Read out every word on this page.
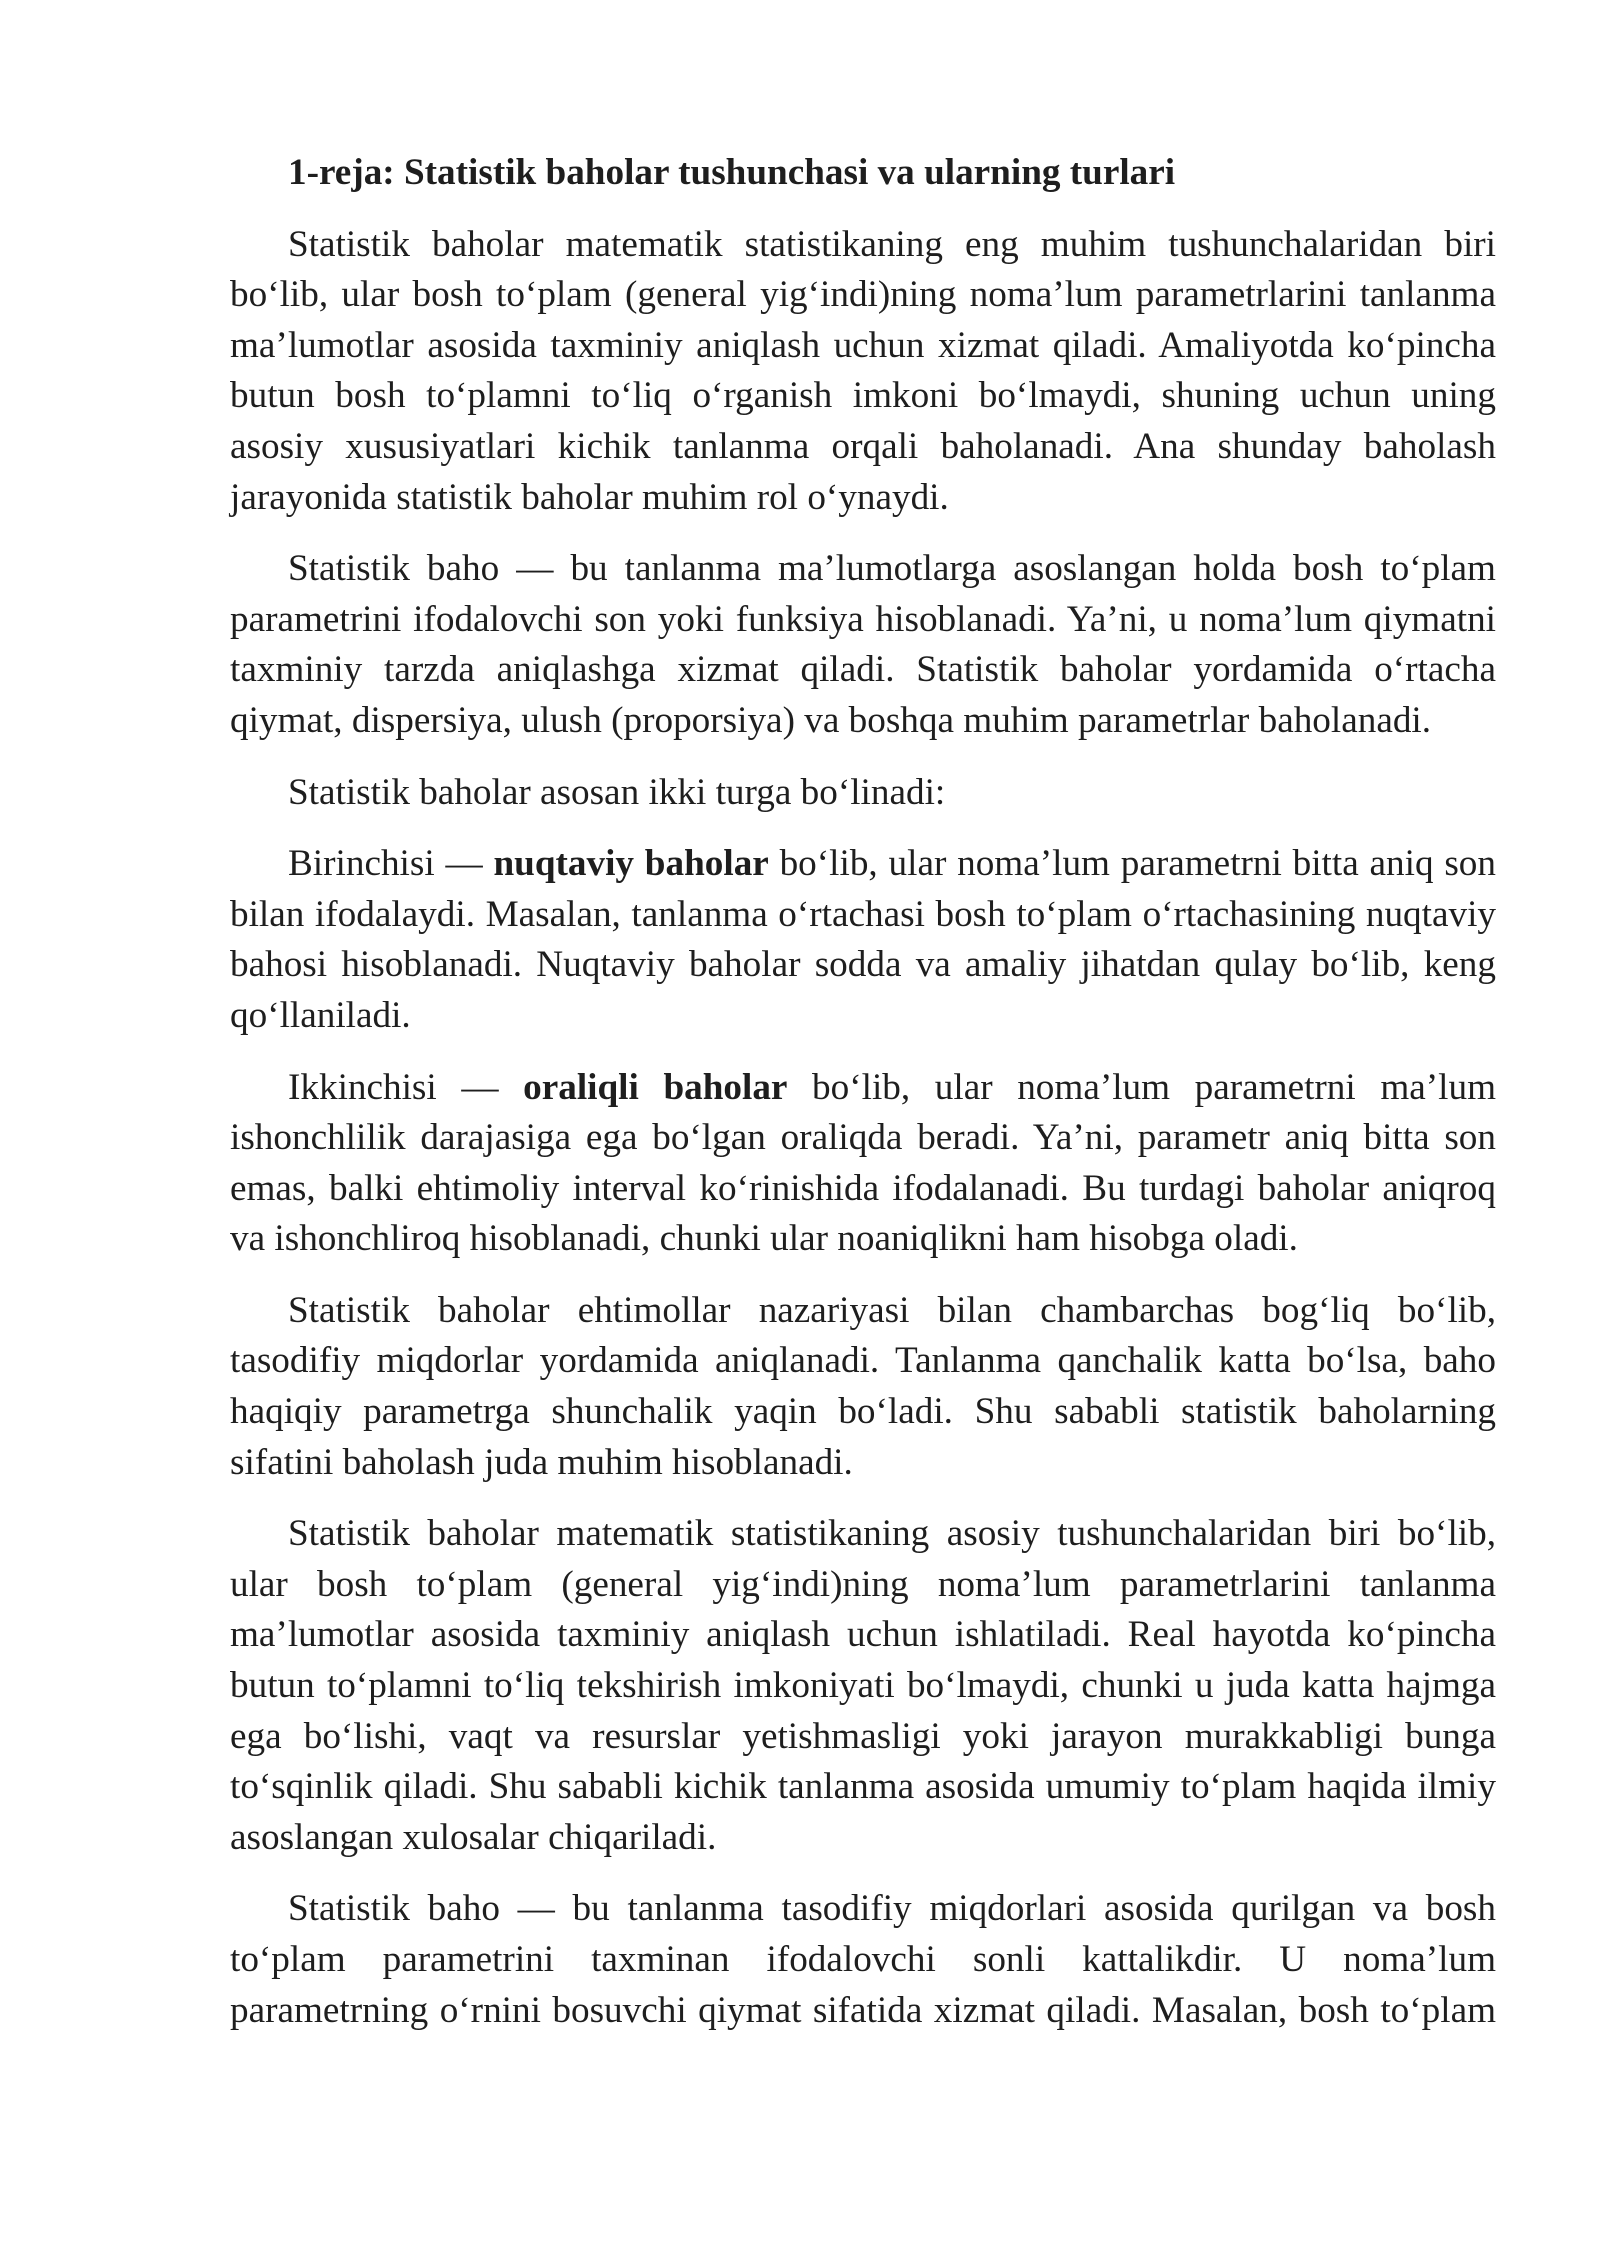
1-reja: Statistik baholar tushunchasi va ularning turlari
Statistik baholar matematik statistikaning eng muhim tushunchalaridan biri
bo‘lib, ular bosh to‘plam (general yig‘indi)ning noma’lum parametrlarini tanlanma
ma’lumotlar asosida taxminiy aniqlash uchun xizmat qiladi. Amaliyotda ko‘pincha
butun bosh to‘plamni to‘liq o‘rganish imkoni bo‘lmaydi, shuning uchun uning
asosiy xususiyatlari kichik tanlanma orqali baholanadi. Ana shunday baholash
jarayonida statistik baholar muhim rol o‘ynaydi.
Statistik baho — bu tanlanma ma’lumotlarga asoslangan holda bosh to‘plam
parametrini ifodalovchi son yoki funksiya hisoblanadi. Ya’ni, u noma’lum qiymatni
taxminiy tarzda aniqlashga xizmat qiladi. Statistik baholar yordamida o‘rtacha
qiymat, dispersiya, ulush (proporsiya) va boshqa muhim parametrlar baholanadi.
Statistik baholar asosan ikki turga bo‘linadi:
Birinchisi — nuqtaviy baholar bo‘lib, ular noma’lum parametrni bitta aniq son
bilan ifodalaydi. Masalan, tanlanma o‘rtachasi bosh to‘plam o‘rtachasining nuqtaviy
bahosi hisoblanadi. Nuqtaviy baholar sodda va amaliy jihatdan qulay bo‘lib, keng
qo‘llaniladi.
Ikkinchisi — oraliqli baholar bo‘lib, ular noma’lum parametrni ma’lum
ishonchlilik darajasiga ega bo‘lgan oraliqda beradi. Ya’ni, parametr aniq bitta son
emas, balki ehtimoliy interval ko‘rinishida ifodalanadi. Bu turdagi baholar aniqroq
va ishonchliroq hisoblanadi, chunki ular noaniqlikni ham hisobga oladi.
Statistik baholar ehtimollar nazariyasi bilan chambarchas bog‘liq bo‘lib,
tasodifiy miqdorlar yordamida aniqlanadi. Tanlanma qanchalik katta bo‘lsa, baho
haqiqiy parametrga shunchalik yaqin bo‘ladi. Shu sababli statistik baholarning
sifatini baholash juda muhim hisoblanadi.
Statistik baholar matematik statistikaning asosiy tushunchalaridan biri bo‘lib,
ular bosh to‘plam (general yig‘indi)ning noma’lum parametrlarini tanlanma
ma’lumotlar asosida taxminiy aniqlash uchun ishlatiladi. Real hayotda ko‘pincha
butun to‘plamni to‘liq tekshirish imkoniyati bo‘lmaydi, chunki u juda katta hajmga
ega bo‘lishi, vaqt va resurslar yetishmasligi yoki jarayon murakkabligi bunga
to‘sqinlik qiladi. Shu sababli kichik tanlanma asosida umumiy to‘plam haqida ilmiy
asoslangan xulosalar chiqariladi.
Statistik baho — bu tanlanma tasodifiy miqdorlari asosida qurilgan va bosh
to‘plam parametrini taxminan ifodalovchi sonli kattalikdir. U noma’lum
parametrning o‘rnini bosuvchi qiymat sifatida xizmat qiladi. Masalan, bosh to‘plam
